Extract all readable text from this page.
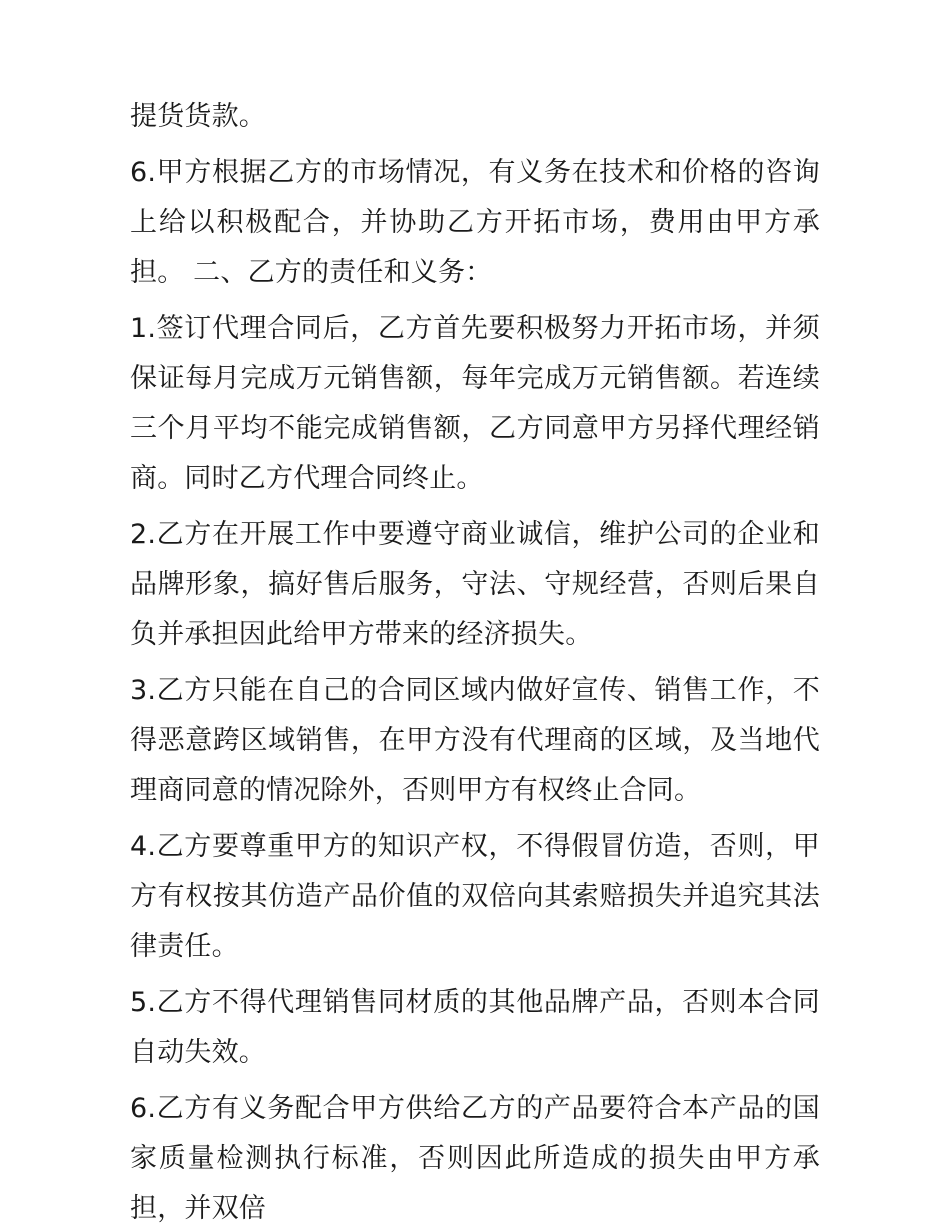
提货货款。

6.甲方根据乙方的市场情况，有义务在技术和价格的咨询上给以积极配合，并协助乙方开拓市场，费用由甲方承担。 二、乙方的责任和义务：

1.签订代理合同后，乙方首先要积极努力开拓市场，并须保证每月完成万元销售额，每年完成万元销售额。若连续三个月平均不能完成销售额，乙方同意甲方另择代理经销商。同时乙方代理合同终止。

2.乙方在开展工作中要遵守商业诚信，维护公司的企业和品牌形象，搞好售后服务，守法、守规经营，否则后果自负并承担因此给甲方带来的经济损失。

3.乙方只能在自己的合同区域内做好宣传、销售工作，不得恶意跨区域销售，在甲方没有代理商的区域，及当地代理商同意的情况除外，否则甲方有权终止合同。

4.乙方要尊重甲方的知识产权，不得假冒仿造，否则，甲方有权按其仿造产品价值的双倍向其索赔损失并追究其法律责任。

5.乙方不得代理销售同材质的其他品牌产品，否则本合同自动失效。

6.乙方有义务配合甲方供给乙方的产品要符合本产品的国家质量检测执行标准，否则因此所造成的损失由甲方承担，并双倍
